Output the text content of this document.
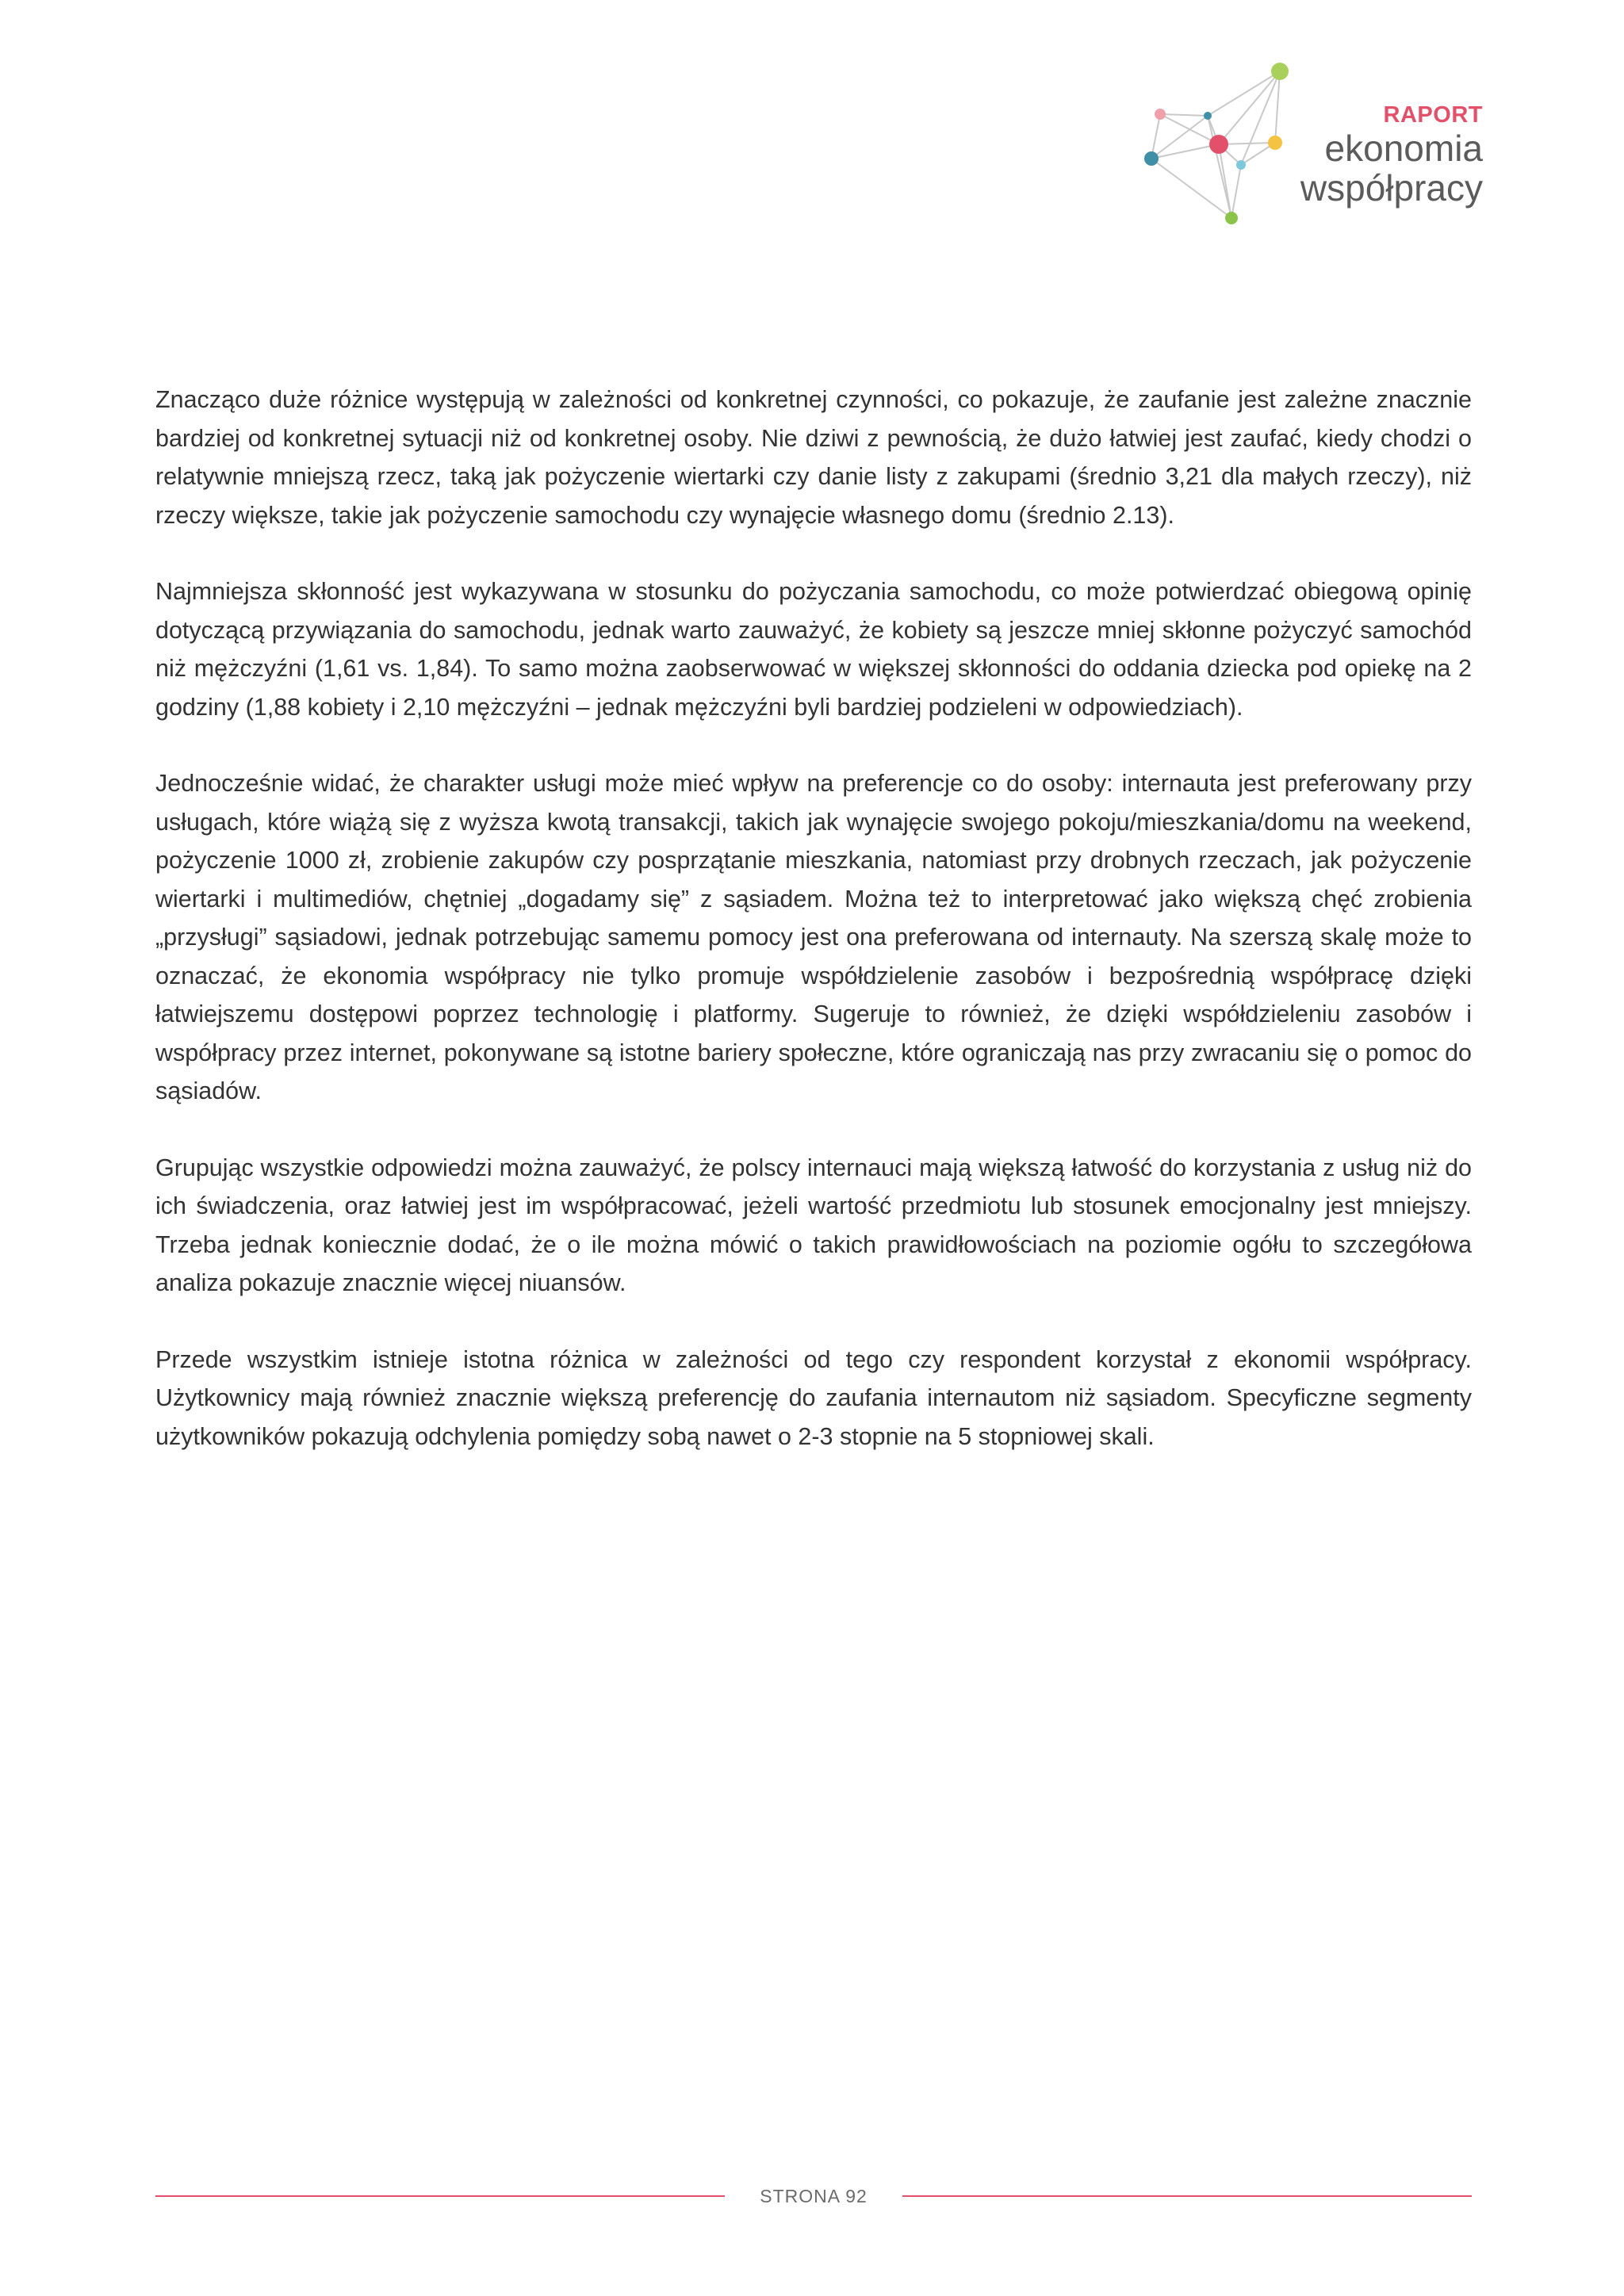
RAPORT
ekonomia
współpracy

Znacząco duże różnice występują w zależności od konkretnej czynności, co pokazuje, że zaufanie jest zależne znacznie bardziej od konkretnej sytuacji niż od konkretnej osoby. Nie dziwi z pewnością, że dużo łatwiej jest zaufać, kiedy chodzi o relatywnie mniejszą rzecz, taką jak pożyczenie wiertarki czy danie listy z zakupami (średnio 3,21 dla małych rzeczy), niż rzeczy większe, takie jak pożyczenie samochodu czy wynajęcie własnego domu (średnio 2.13).

Najmniejsza skłonność jest wykazywana w stosunku do pożyczania samochodu, co może potwierdzać obiegową opinię dotyczącą przywiązania do samochodu, jednak warto zauważyć, że kobiety są jeszcze mniej skłonne pożyczyć samochód niż mężczyźni (1,61 vs. 1,84). To samo można zaobserwować w większej skłonności do oddania dziecka pod opiekę na 2 godziny (1,88 kobiety i 2,10 mężczyźni – jednak mężczyźni byli bardziej podzieleni w odpowiedziach).

Jednocześnie widać, że charakter usługi może mieć wpływ na preferencje co do osoby: internauta jest preferowany przy usługach, które wiążą się z wyższa kwotą transakcji, takich jak wynajęcie swojego pokoju/mieszkania/domu na weekend, pożyczenie 1000 zł, zrobienie zakupów czy posprzątanie mieszkania, natomiast przy drobnych rzeczach, jak pożyczenie wiertarki i multimediów, chętniej „dogadamy się” z sąsiadem. Można też to interpretować jako większą chęć zrobienia „przysługi” sąsiadowi, jednak potrzebując samemu pomocy jest ona preferowana od internauty. Na szerszą skalę może to oznaczać, że ekonomia współpracy nie tylko promuje współdzielenie zasobów i bezpośrednią współpracę dzięki łatwiejszemu dostępowi poprzez technologię i platformy. Sugeruje to również, że dzięki współdzieleniu zasobów i współpracy przez internet, pokonywane są istotne bariery społeczne, które ograniczają nas przy zwracaniu się o pomoc do sąsiadów.

Grupując wszystkie odpowiedzi można zauważyć, że polscy internauci mają większą łatwość do korzystania z usług niż do ich świadczenia, oraz łatwiej jest im współpracować, jeżeli wartość przedmiotu lub stosunek emocjonalny jest mniejszy. Trzeba jednak koniecznie dodać, że o ile można mówić o takich prawidłowościach na poziomie ogółu to szczegółowa analiza pokazuje znacznie więcej niuansów.

Przede wszystkim istnieje istotna różnica w zależności od tego czy respondent korzystał z ekonomii współpracy. Użytkownicy mają również znacznie większą preferencję do zaufania internautom niż sąsiadom. Specyficzne segmenty użytkowników pokazują odchylenia pomiędzy sobą nawet o 2-3 stopnie na 5 stopniowej skali.

STRONA 92
